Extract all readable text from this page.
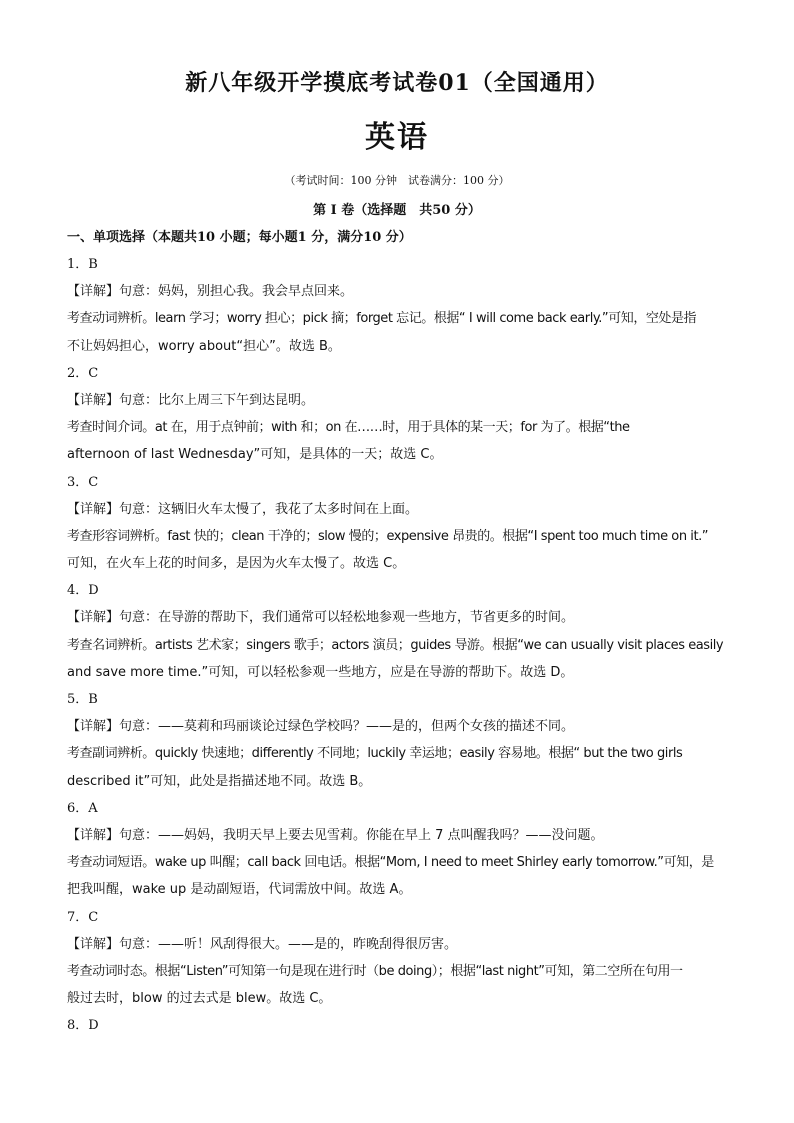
新八年级开学摸底考试卷01（全国通用）
英语
（考试时间：100 分钟　试卷满分：100 分）
第 I 卷（选择题　共50 分）
一、单项选择（本题共10 小题；每小题1 分，满分10 分）
1．B
【详解】句意：妈妈，别担心我。我会早点回来。
考查动词辨析。learn 学习；worry 担心；pick 摘；forget 忘记。根据“ I will come back early.”可知，空处是指
不让妈妈担心，worry about“担心”。故选 B。
2．C
【详解】句意：比尔上周三下午到达昆明。
考查时间介词。at 在，用于点钟前；with 和；on 在……时，用于具体的某一天；for 为了。根据“the
afternoon of last Wednesday”可知，是具体的一天；故选 C。
3．C
【详解】句意：这辆旧火车太慢了，我花了太多时间在上面。
考查形容词辨析。fast 快的；clean 干净的；slow 慢的；expensive 昂贵的。根据“I spent too much time on it.”
可知，在火车上花的时间多，是因为火车太慢了。故选 C。
4．D
【详解】句意：在导游的帮助下，我们通常可以轻松地参观一些地方，节省更多的时间。
考查名词辨析。artists 艺术家；singers 歌手；actors 演员；guides 导游。根据“we can usually visit places easily
and save more time.”可知，可以轻松参观一些地方，应是在导游的帮助下。故选 D。
5．B
【详解】句意：——莫莉和玛丽谈论过绿色学校吗？——是的，但两个女孩的描述不同。
考查副词辨析。quickly 快速地；differently 不同地；luckily 幸运地；easily 容易地。根据“ but the two girls
described it”可知，此处是指描述地不同。故选 B。
6．A
【详解】句意：——妈妈，我明天早上要去见雪莉。你能在早上 7 点叫醒我吗？——没问题。
考查动词短语。wake up 叫醒；call back 回电话。根据“Mom, I need to meet Shirley early tomorrow.”可知，是
把我叫醒，wake up 是动副短语，代词需放中间。故选 A。
7．C
【详解】句意：——听！风刮得很大。——是的，昨晚刮得很厉害。
考查动词时态。根据“Listen”可知第一句是现在进行时（be doing）；根据“last night”可知，第二空所在句用一
般过去时，blow 的过去式是 blew。故选 C。
8．D
